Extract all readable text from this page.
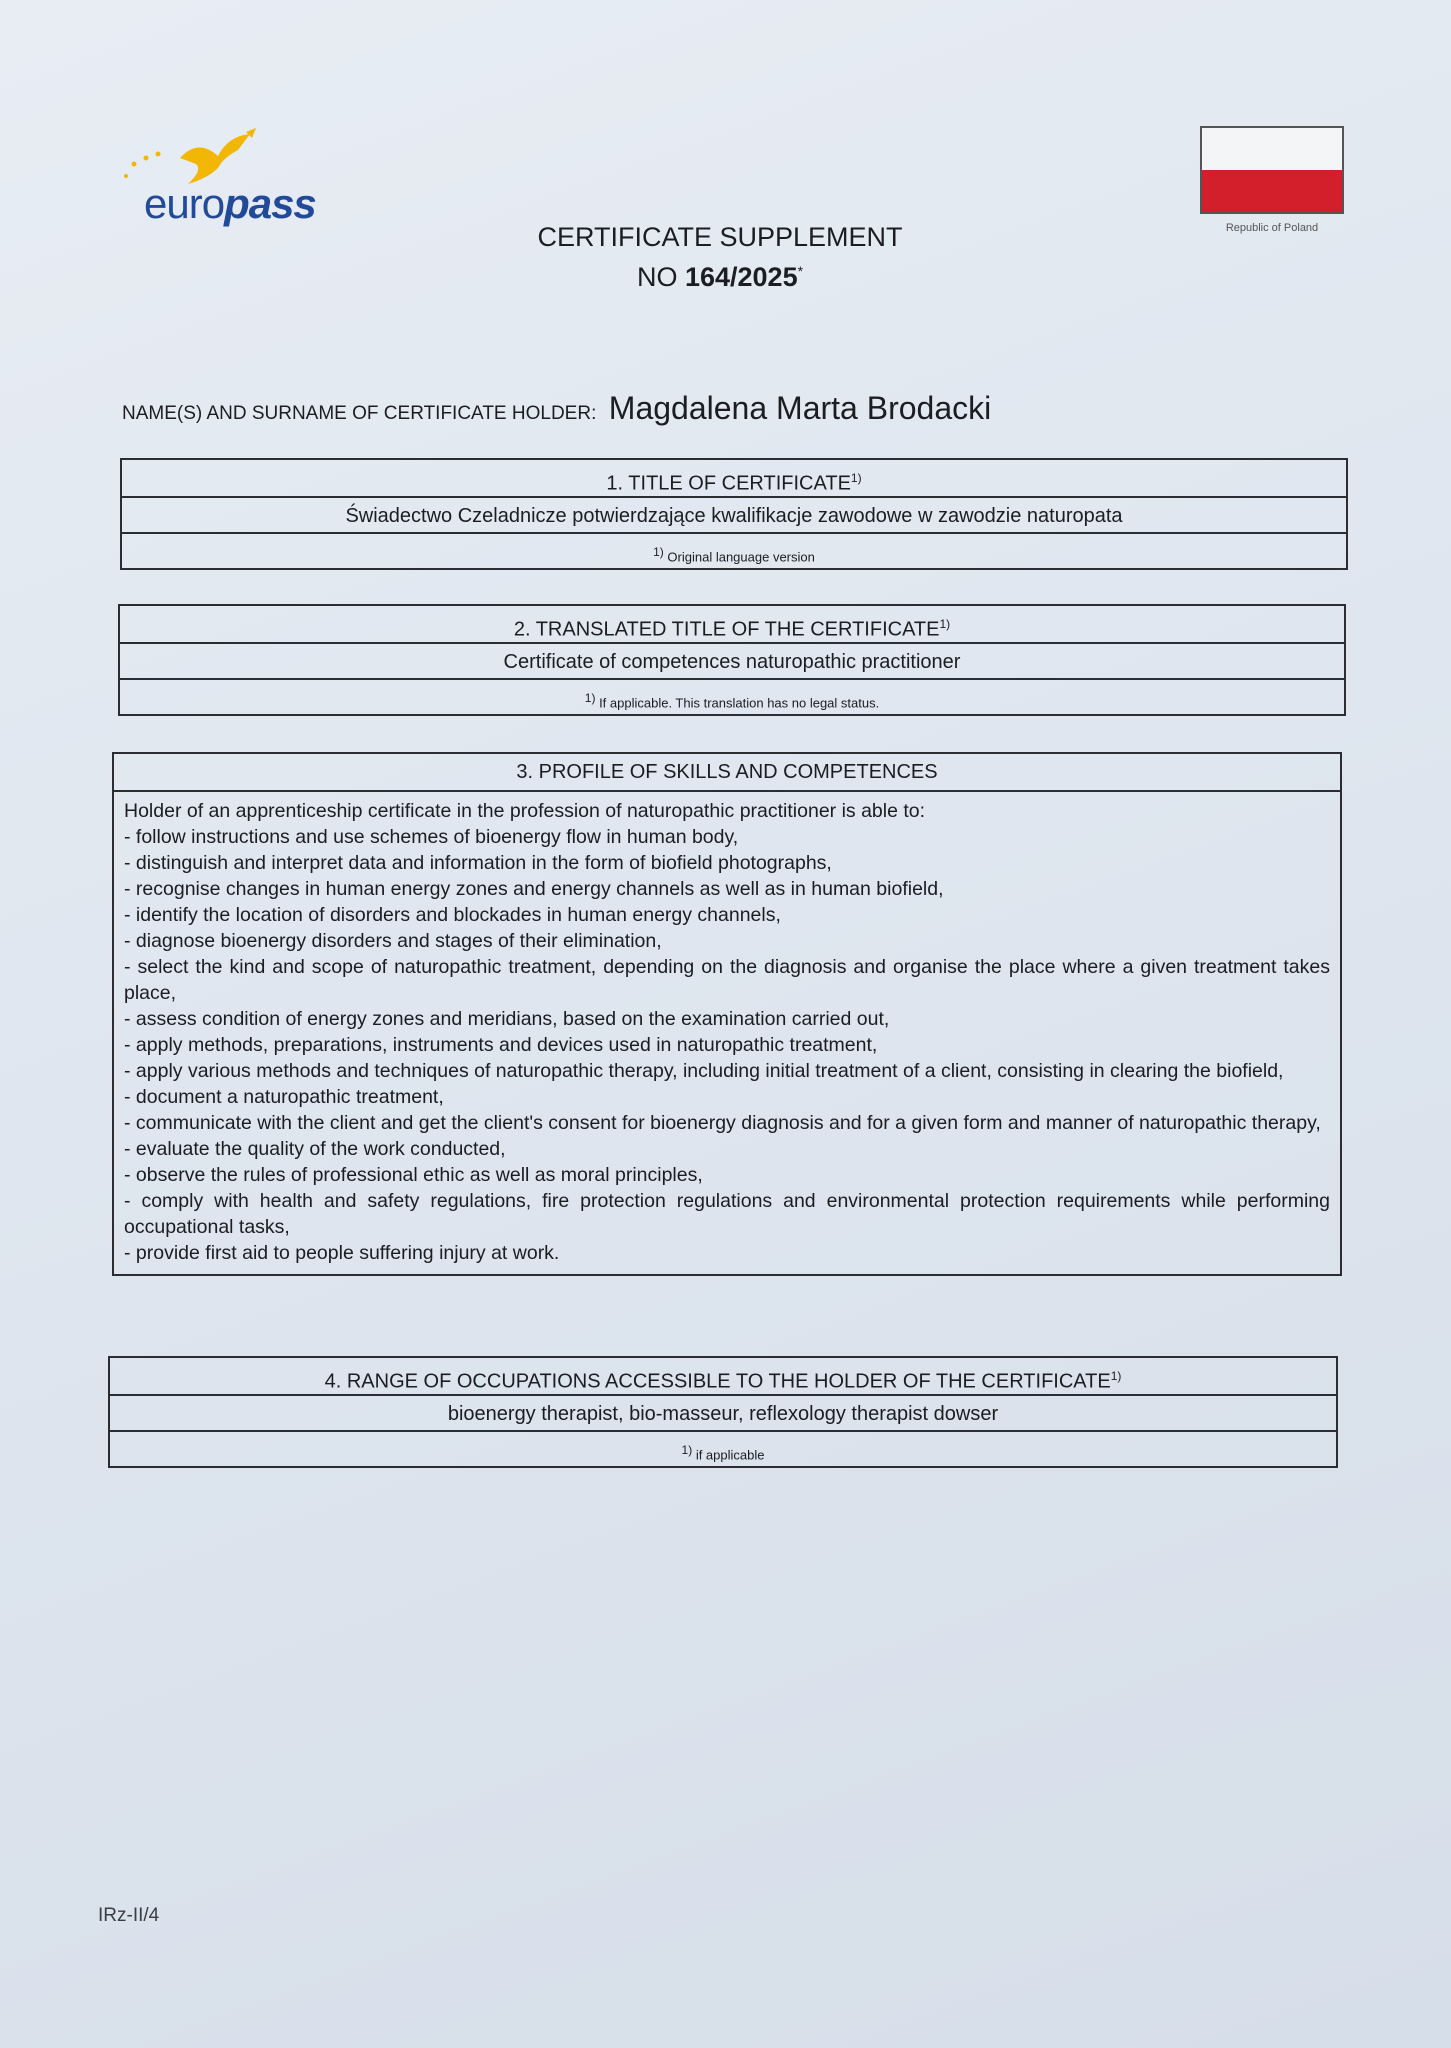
europass
Republic of Poland
CERTIFICATE SUPPLEMENT
NO 164/2025*
NAME(S) AND SURNAME OF CERTIFICATE HOLDER: Magdalena Marta Brodacki
1. TITLE OF CERTIFICATE$^{1)}$
Świadectwo Czeladnicze potwierdzające kwalifikacje zawodowe w zawodzie naturopata
$^{1)}$ Original language version
2. TRANSLATED TITLE OF THE CERTIFICATE$^{1)}$
Certificate of competences naturopathic practitioner
$^{1)}$ If applicable. This translation has no legal status.
3. PROFILE OF SKILLS AND COMPETENCES
Holder of an apprenticeship certificate in the profession of naturopathic practitioner is able to:
- follow instructions and use schemes of bioenergy flow in human body,
- distinguish and interpret data and information in the form of biofield photographs,
- recognise changes in human energy zones and energy channels as well as in human biofield,
- identify the location of disorders and blockades in human energy channels,
- diagnose bioenergy disorders and stages of their elimination,
- select the kind and scope of naturopathic treatment, depending on the diagnosis and organise the place where a given treatment takes place,
- assess condition of energy zones and meridians, based on the examination carried out,
- apply methods, preparations, instruments and devices used in naturopathic treatment,
- apply various methods and techniques of naturopathic therapy, including initial treatment of a client, consisting in clearing the biofield,
- document a naturopathic treatment,
- communicate with the client and get the client's consent for bioenergy diagnosis and for a given form and manner of naturopathic therapy,
- evaluate the quality of the work conducted,
- observe the rules of professional ethic as well as moral principles,
- comply with health and safety regulations, fire protection regulations and environmental protection requirements while performing occupational tasks,
- provide first aid to people suffering injury at work.
4. RANGE OF OCCUPATIONS ACCESSIBLE TO THE HOLDER OF THE CERTIFICATE$^{1)}$
bioenergy therapist, bio-masseur, reflexology therapist dowser
$^{1)}$ if applicable
IRz-II/4
